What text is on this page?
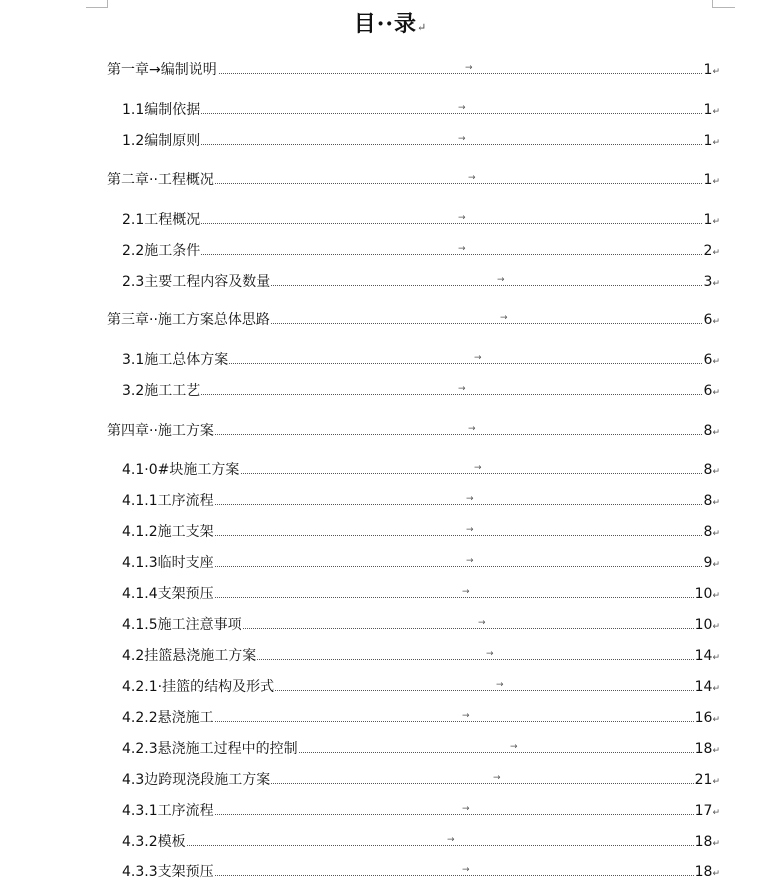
目··录↵
→
第一章→编制说明	1↵
→
1.1编制依据	1↵
→
1.2编制原则	1↵
→
第二章··工程概况	1↵
→
2.1工程概况	1↵
→
2.2施工条件	2↵
→
2.3主要工程内容及数量	3↵
→
第三章··施工方案总体思路	6↵
→
3.1施工总体方案	6↵
→
3.2施工工艺	6↵
→
第四章··施工方案	8↵
→
4.1·0#块施工方案	8↵
→
4.1.1工序流程	8↵
→
4.1.2施工支架	8↵
→
4.1.3临时支座	9↵
→
4.1.4支架预压	10↵
→
4.1.5施工注意事项	10↵
→
4.2挂篮悬浇施工方案	14↵
→
4.2.1·挂篮的结构及形式	14↵
→
4.2.2悬浇施工	16↵
→
4.2.3悬浇施工过程中的控制	18↵
→
4.3边跨现浇段施工方案	21↵
→
4.3.1工序流程	17↵
→
4.3.2模板	18↵
→
4.3.3支架预压	18↵
